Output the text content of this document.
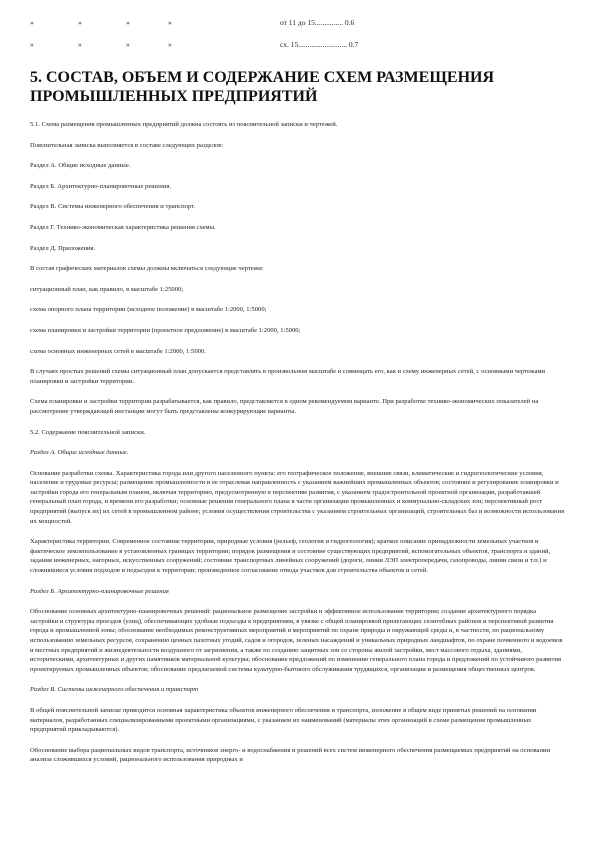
»	»	»	»	от 11 до 15............... 0.6
»	»	»	»	сх. 15.......................... 0.7
5. СОСТАВ, ОБЪЕМ И СОДЕРЖАНИЕ СХЕМ РАЗМЕЩЕНИЯ ПРОМЫШЛЕННЫХ ПРЕДПРИЯТИЙ

5.1. Схема размещения промышленных предприятий должна состоять из пояснительной записки и чертежей.

Пояснительная записка выполняется в составе следующих разделов:

Раздел А. Общие исходные данные.

Раздел Б. Архитектурно-планировочные решения.

Раздел В. Системы инженерного обеспечения и транспорт.

Раздел Г. Технико-экономическая характеристика решения схемы.

Раздел Д. Приложения.

В состав графических материалов схемы должны включаться следующие чертежи:

ситуационный план, как правило, в масштабе 1:25000;

схема опорного плана территории (исходное положение) в масштабе 1:2000, 1:5000;

схема планировки и застройки территории (проектное предложение) в масштабе 1:2000, 1:5000;

схема основных инженерных сетей в масштабе 1:2000, 1:5000.

В случаях простых решений схемы ситуационный план допускается представлять в произвольном масштабе и совмещать его, как и схему инженерных сетей, с основными чертежами планировки и застройки территории.

Схема планировки и застройки территории разрабатывается, как правило, представляется в одном рекомендуемом варианте. При разработке технико-экономических показателей на рассмотрение утверждающей инстанции могут быть представлены конкурирующие варианты.

5.2. Содержание пояснительной записки.

Раздел А. Общие исходные данные.

Основание разработки схемы. Характеристика города или другого населенного пункта: его географическое положение, внешние связи, климатические и гидрогеологические условия, население и трудовые ресурсы; размещение промышленности и ее отраслевая направленность с указанием важнейших промышленных объектов; состояние и регулирование планировки и застройки города его генеральным планом, включая территорию, предусмотренную в перспективе развития, с указанием градостроительной проектной организации, разработавшей генеральный план города, и времени его разработки; основные решения генерального плана в части организации промышленных и коммунально-складских зон; перспективный рост предприятий (выпуск их) их сетей в промышленном районе; условия осуществления строительства с указанием строительных организаций, строительных баз и возможности использования их мощностей.

Характеристика территории. Современное состояние территории, природные условия (рельеф, геология и гидрогеология); краткое описание принадлежности земельных участков и фактическое землепользование в установленных границах территории; порядок размещения и состояние существующих предприятий, вспомогательных объектов, транспорта и зданий, задания инженерных, нагорных, искусственных сооружений; состояние транспортных линейных сооружений (дороги, линии ЛЭП электропередачи, газопроводы, линии связи и т.п.) и сложившиеся условия подходов и подъездов к территории; произведенное согласование отвода участков для строительства объектов и сетей.

Раздел Б. Архитектурно-планировочные решения

Обоснование основных архитектурно-планировочных решений: рациональное размещение застройки и эффективное использование территории; создание архитектурного порядка застройки и структуры проездов (улиц), обеспечивающих удобные подъезды к предприятиям, в увязке с общей планировкой прилегающих селитебных районов и перспективой развития города и промышленной зоны; обоснование необходимых реконструктивных мероприятий и мероприятий по охране природы и окружающей среды и, в частности, по рациональному использованию земельных ресурсов, сохранению ценных пахотных угодий, садов и огородов, зеленых насаждений и уникальных природных ландшафтов, по охране почвенного и водоемов и местных предприятий и жизнедеятельности воздушного от загрязнения, а также по созданию защитных зон со стороны жилой застройки, мест массового отдыха, зданиями, историческими, архитектурных и других памятников материальной культуры; обоснование предложений по изменению генерального плана города и предложений по устойчивого развития проектируемых промышленных объектов; обоснование предлагаемой системы культурно-бытового обслуживания трудящихся, организации и размещения общественных центров.

Раздел В. Системы инженерного обеспечения и транспорт

В общей пояснительной записке приводится основная характеристика объектов инженерного обеспечения и транспорта, изложение в общем виде принятых решений на основании материалов, разработанных специализированными проектными организациями, с указанием их наименований (материалы этих организаций в схеме размещения промышленных предприятий прикладываются).

Обоснование выбора рациональных видов транспорта, источников энерго- и водоснабжения и решений всех систем инженерного обеспечения размещаемых предприятий на основании анализа сложившихся условий, рационального использования природных и
